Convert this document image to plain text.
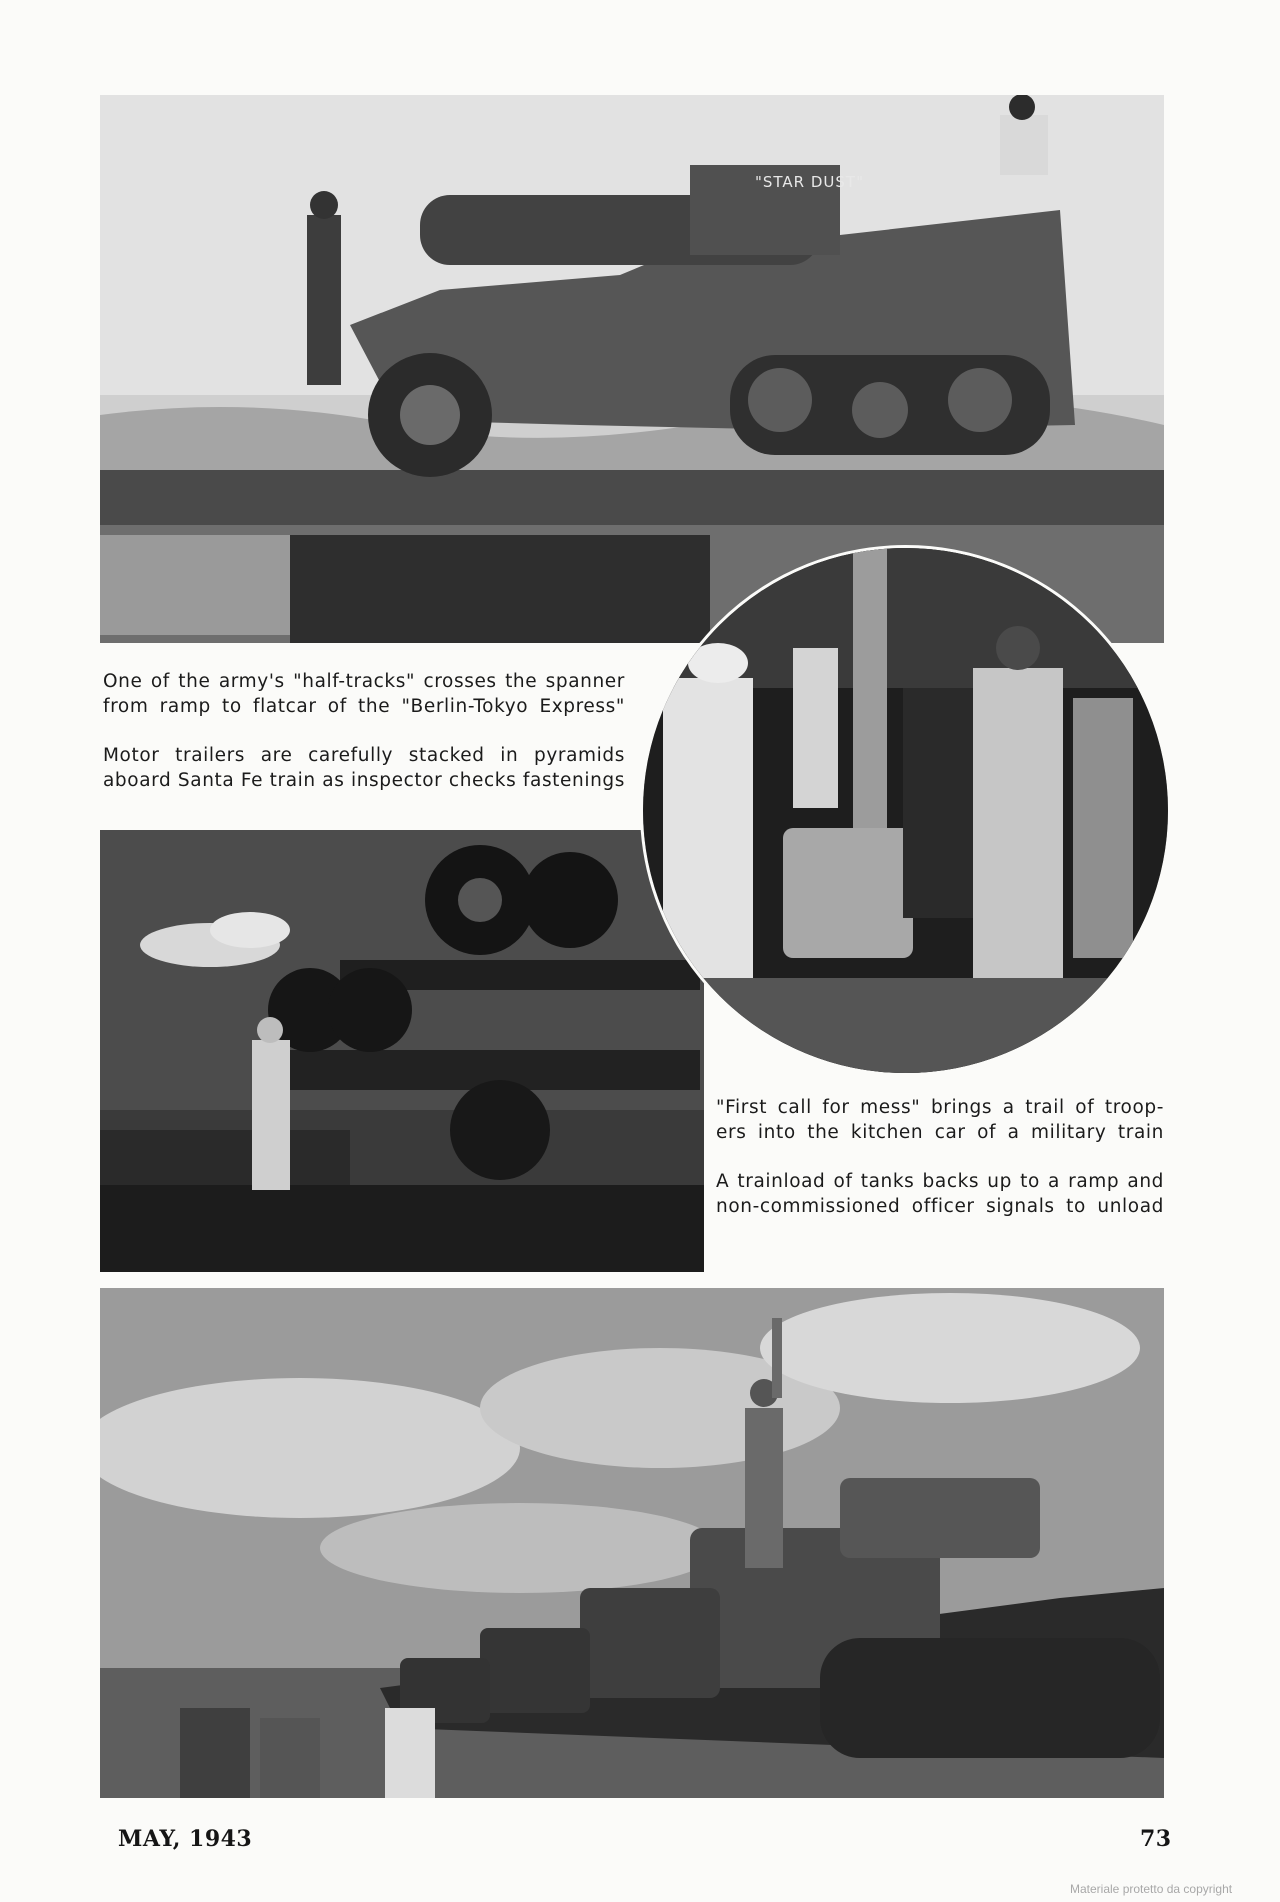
"STAR DUST"
One of the army's "half-tracks" crosses the spanner
from ramp to flatcar of the "Berlin-Tokyo Express"
Motor trailers are carefully stacked in pyramids
aboard Santa Fe train as inspector checks fastenings
"First call for mess" brings a trail of troop-
ers into the kitchen car of a military train
A trainload of tanks backs up to a ramp and
non-commissioned officer signals to unload
MAY, 1943	73
Materiale protetto da copyright
